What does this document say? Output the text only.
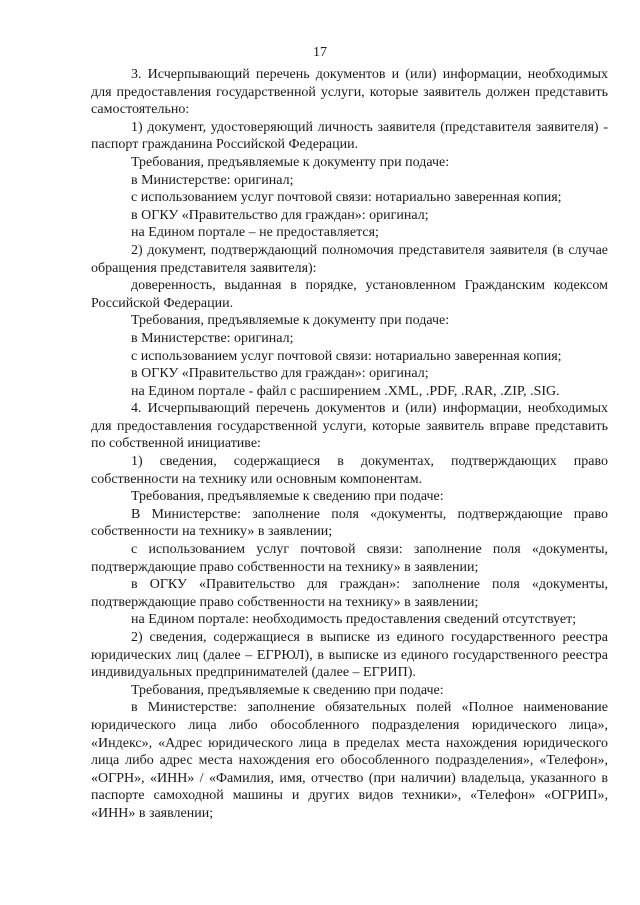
17

3. Исчерпывающий перечень документов и (или) информации, необходимых для предоставления государственной услуги, которые заявитель должен представить самостоятельно:

1) документ, удостоверяющий личность заявителя (представителя заявителя) - паспорт гражданина Российской Федерации.

Требования, предъявляемые к документу при подаче:

в Министерстве: оригинал;

с использованием услуг почтовой связи: нотариально заверенная копия;

в ОГКУ «Правительство для граждан»: оригинал;

на Едином портале – не предоставляется;

2) документ, подтверждающий полномочия представителя заявителя (в случае обращения представителя заявителя):

доверенность, выданная в порядке, установленном Гражданским кодексом Российской Федерации.

Требования, предъявляемые к документу при подаче:

в Министерстве: оригинал;

с использованием услуг почтовой связи: нотариально заверенная копия;

в ОГКУ «Правительство для граждан»: оригинал;

на Едином портале - файл с расширением .XML, .PDF, .RAR, .ZIP, .SIG.

4. Исчерпывающий перечень документов и (или) информации, необходимых для предоставления государственной услуги, которые заявитель вправе представить по собственной инициативе:

1) сведения, содержащиеся в документах, подтверждающих право собственности на технику или основным компонентам.

Требования, предъявляемые к сведению при подаче:

В Министерстве: заполнение поля «документы, подтверждающие право собственности на технику» в заявлении;

с использованием услуг почтовой связи: заполнение поля «документы, подтверждающие право собственности на технику» в заявлении;

в ОГКУ «Правительство для граждан»: заполнение поля «документы, подтверждающие право собственности на технику» в заявлении;

на Едином портале: необходимость предоставления сведений отсутствует;

2) сведения, содержащиеся в выписке из единого государственного реестра юридических лиц (далее – ЕГРЮЛ), в выписке из единого государственного реестра индивидуальных предпринимателей (далее – ЕГРИП).

Требования, предъявляемые к сведению при подаче:

в Министерстве: заполнение обязательных полей «Полное наименование юридического лица либо обособленного подразделения юридического лица», «Индекс», «Адрес юридического лица в пределах места нахождения юридического лица либо адрес места нахождения его обособленного подразделения», «Телефон», «ОГРН», «ИНН» / «Фамилия, имя, отчество (при наличии) владельца, указанного в паспорте самоходной машины и других видов техники», «Телефон» «ОГРИП», «ИНН» в заявлении;
